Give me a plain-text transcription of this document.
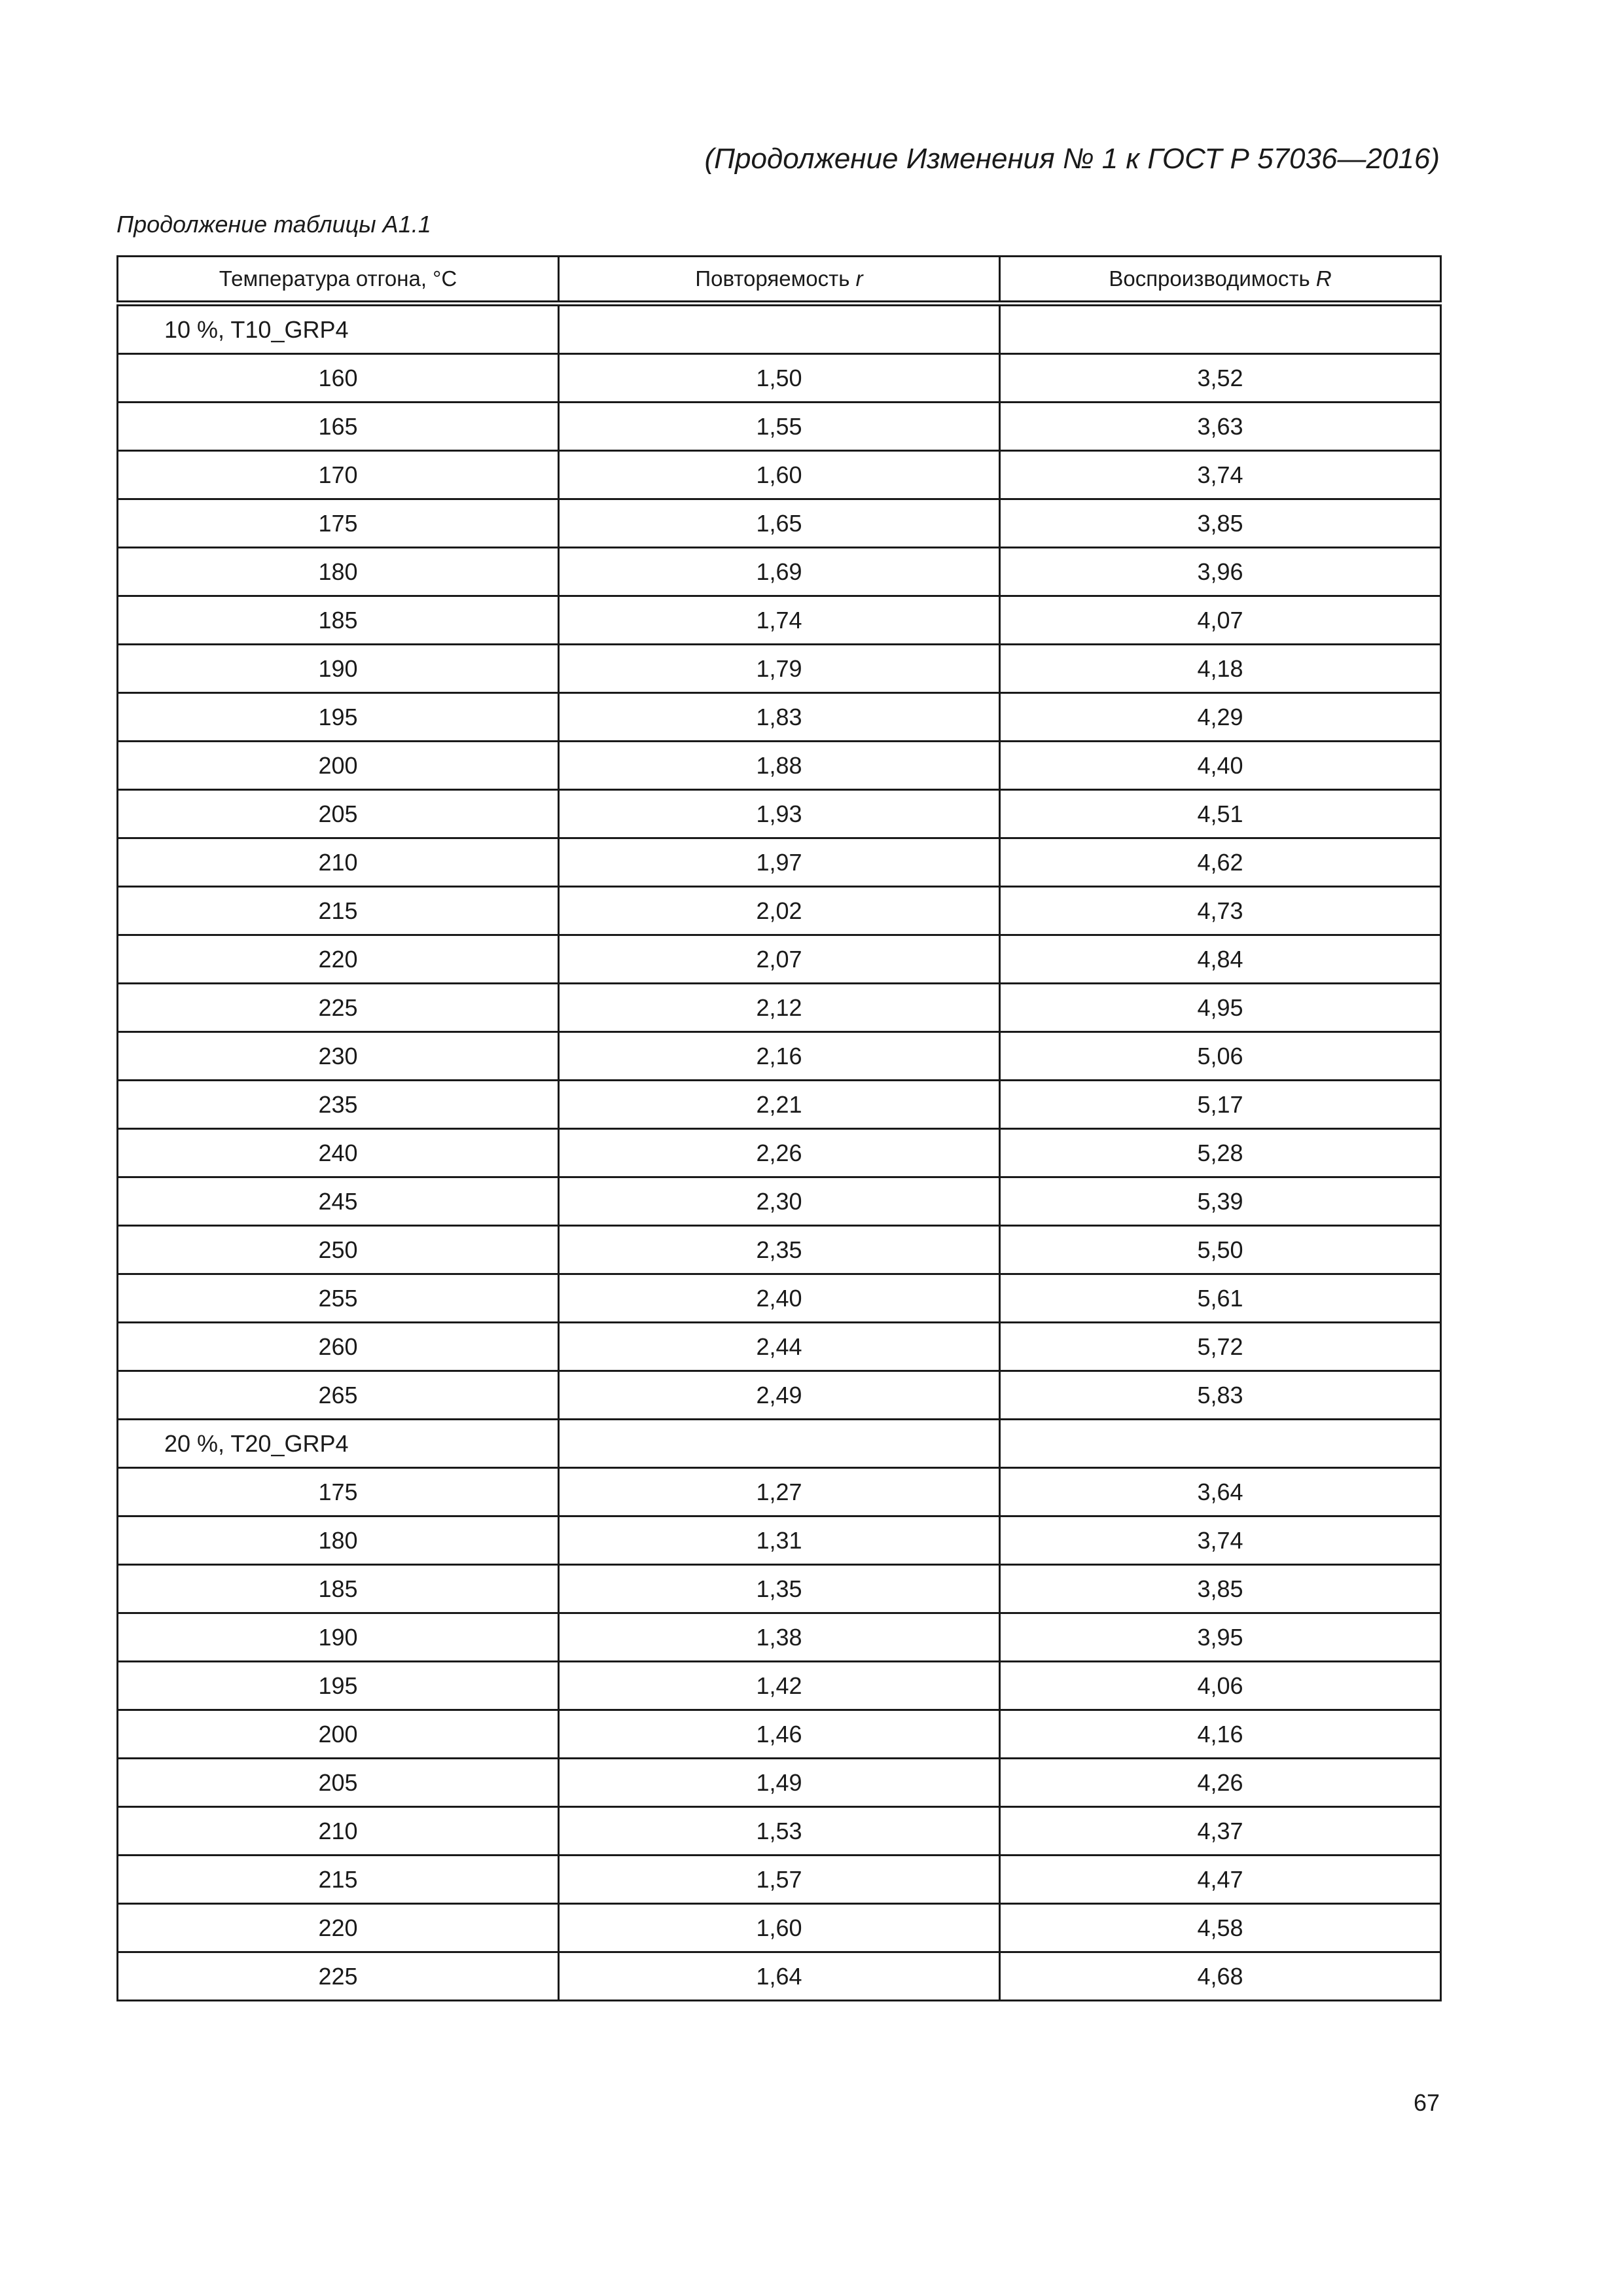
(Продолжение Изменения № 1 к ГОСТ Р 57036—2016)
Продолжение таблицы А1.1
Температура отгона, °С	Повторяемость r	Воспроизводимость R
10 %, T10_GRP4		
160	1,50	3,52
165	1,55	3,63
170	1,60	3,74
175	1,65	3,85
180	1,69	3,96
185	1,74	4,07
190	1,79	4,18
195	1,83	4,29
200	1,88	4,40
205	1,93	4,51
210	1,97	4,62
215	2,02	4,73
220	2,07	4,84
225	2,12	4,95
230	2,16	5,06
235	2,21	5,17
240	2,26	5,28
245	2,30	5,39
250	2,35	5,50
255	2,40	5,61
260	2,44	5,72
265	2,49	5,83
20 %, T20_GRP4		
175	1,27	3,64
180	1,31	3,74
185	1,35	3,85
190	1,38	3,95
195	1,42	4,06
200	1,46	4,16
205	1,49	4,26
210	1,53	4,37
215	1,57	4,47
220	1,60	4,58
225	1,64	4,68
67
